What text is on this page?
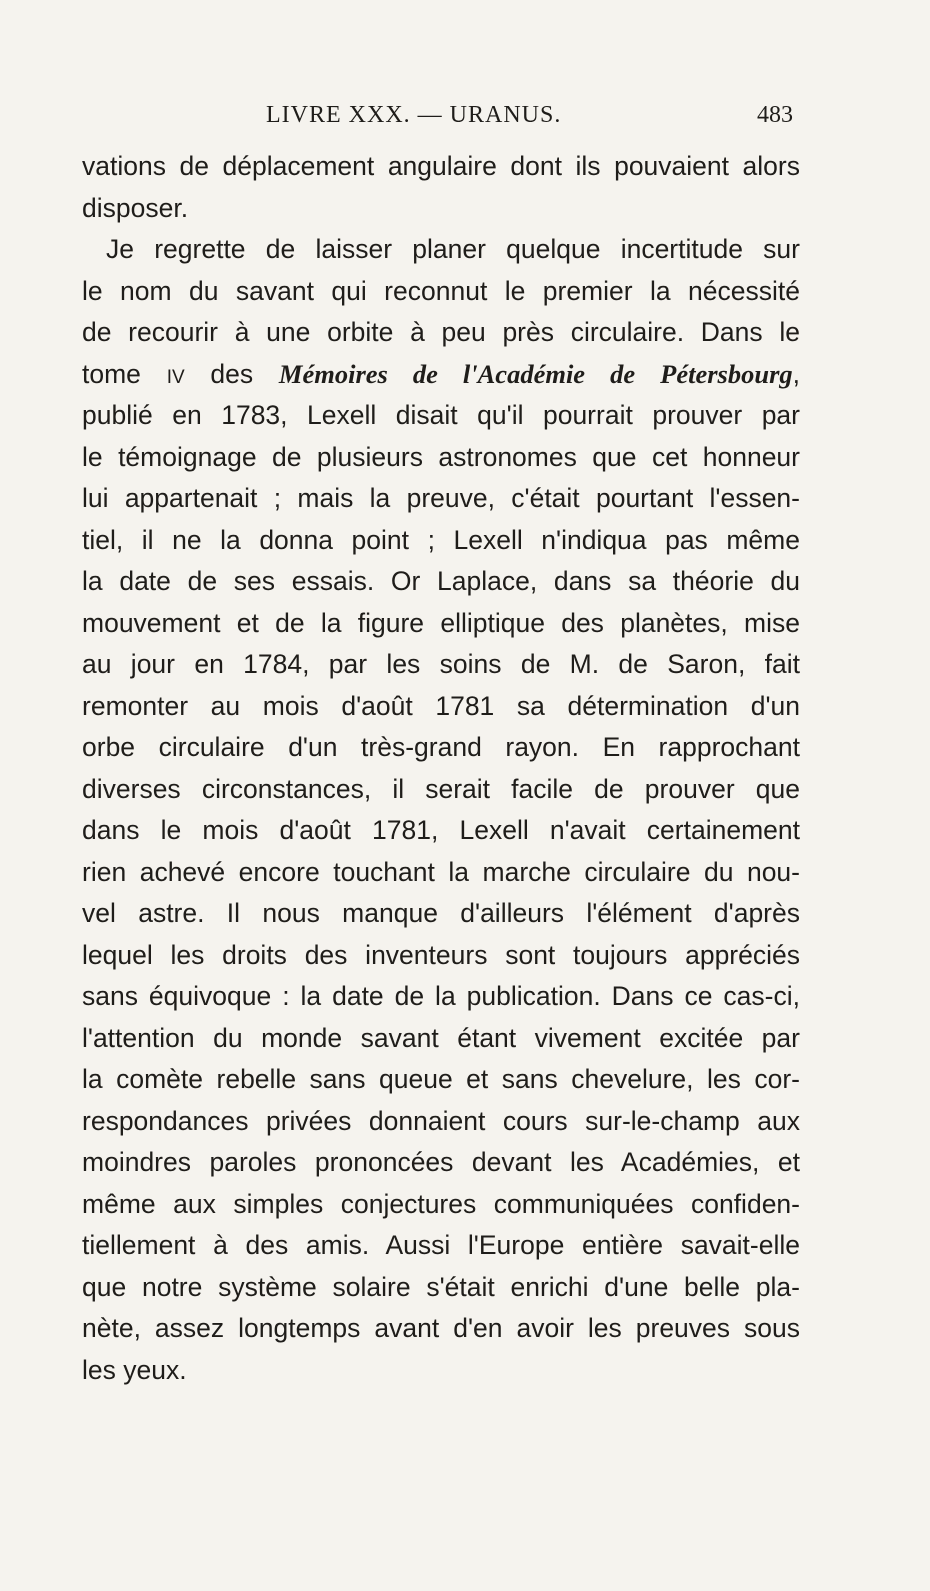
LIVRE XXX. — URANUS.	483
vations de déplacement angulaire dont ils pouvaient alors
disposer.
Je regrette de laisser planer quelque incertitude sur
le nom du savant qui reconnut le premier la nécessité
de recourir à une orbite à peu près circulaire. Dans le
tome iv des Mémoires de l'Académie de Pétersbourg,
publié en 1783, Lexell disait qu'il pourrait prouver par
le témoignage de plusieurs astronomes que cet honneur
lui appartenait ; mais la preuve, c'était pourtant l'essen-
tiel, il ne la donna point ; Lexell n'indiqua pas même
la date de ses essais. Or Laplace, dans sa théorie du
mouvement et de la figure elliptique des planètes, mise
au jour en 1784, par les soins de M. de Saron, fait
remonter au mois d'août 1781 sa détermination d'un
orbe circulaire d'un très-grand rayon. En rapprochant
diverses circonstances, il serait facile de prouver que
dans le mois d'août 1781, Lexell n'avait certainement
rien achevé encore touchant la marche circulaire du nou-
vel astre. Il nous manque d'ailleurs l'élément d'après
lequel les droits des inventeurs sont toujours appréciés
sans équivoque : la date de la publication. Dans ce cas-ci,
l'attention du monde savant étant vivement excitée par
la comète rebelle sans queue et sans chevelure, les cor-
respondances privées donnaient cours sur-le-champ aux
moindres paroles prononcées devant les Académies, et
même aux simples conjectures communiquées confiden-
tiellement à des amis. Aussi l'Europe entière savait-elle
que notre système solaire s'était enrichi d'une belle pla-
nète, assez longtemps avant d'en avoir les preuves sous
les yeux.
